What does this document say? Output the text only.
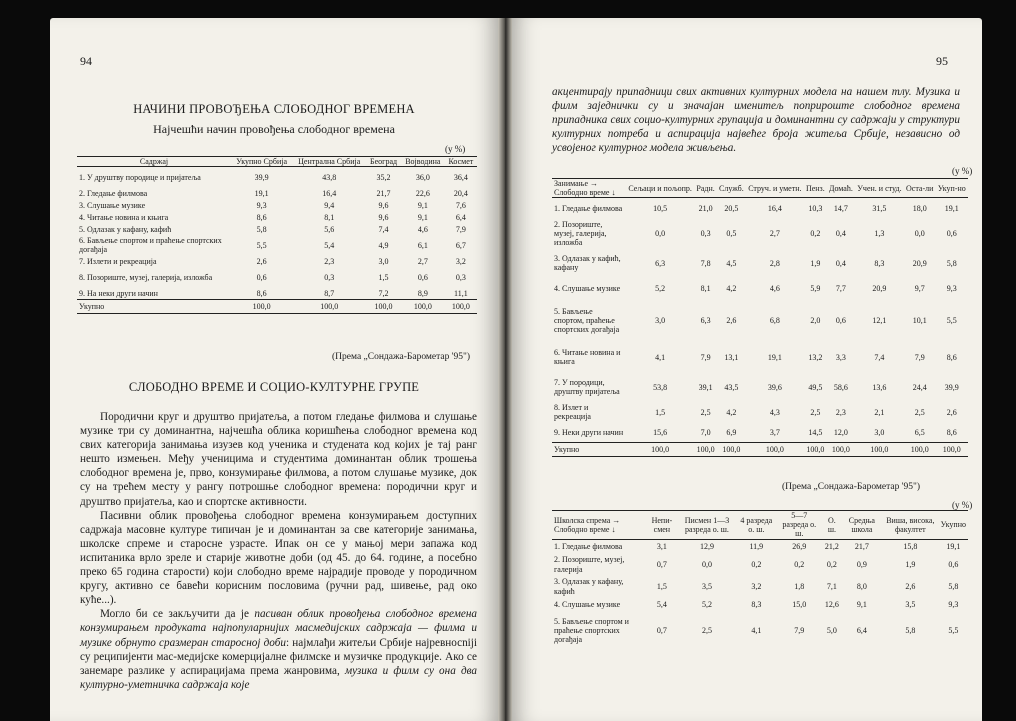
94
НАЧИНИ ПРОВОЂЕЊА СЛОБОДНОГ ВРЕМЕНА
Најчешћи начин провођења слободног времена
(у %)
Садржај	Укупно Србија	Централна Србија	Београд	Војводина	Космет
1. У друштву породице и пријатеља	39,9	43,8	35,2	36,0	36,4
2. Гледање филмова	19,1	16,4	21,7	22,6	20,4
3. Слушање музике	9,3	9,4	9,6	9,1	7,6
4. Читање новина и књига	8,6	8,1	9,6	9,1	6,4
5. Одлазак у кафану, кафић	5,8	5,6	7,4	4,6	7,9
6. Бављење спортом и праћење спортских догађаја	5,5	5,4	4,9	6,1	6,7
7. Излети и рекреација	2,6	2,3	3,0	2,7	3,2
8. Позориште, музеј, галерија, изложба	0,6	0,3	1,5	0,6	0,3
9. На неки други начин	8,6	8,7	7,2	8,9	11,1
Укупно	100,0	100,0	100,0	100,0	100,0
(Према „Сондажа-Барометар '95")
СЛОБОДНО ВРЕМЕ И СОЦИО-КУЛТУРНЕ ГРУПЕ

Породични круг и друштво пријатеља, а потом гледање филмова и слушање музике три су доминантна, најчешћа облика коришћења слободног времена код свих категорија занимања изузев код ученика и студената код којих је тај ранг нешто измењен. Међу ученицима и студентима доминантан облик трошења слободног времена је, прво, конзумирање филмова, а потом слушање музике, док су на трећем месту у рангу потрошње слободног времена: породични круг и друштво пријатеља, као и спортске активности.

Пасивни облик провођења слободног времена конзумирањем доступних садржаја масовне културе типичан је и доминантан за све категорије занимања, школске спреме и старосне узрасте. Ипак он се у мањој мери запажа код испитаника врло зреле и старије животне доби (од 45. до 64. године, а посебно преко 65 година старости) који слободно време најрадије проводе у породичном кругу, активно се бавећи корисним пословима (ручни рад, шивење, рад око куће...).

Могло би се закључити да је пасиван облик провођења слободног времена конзумирањем продуката најпопуларнијих масмедијских садржаја — филма и музике обрнуто сразмеран старосној доби: најмлађи житељи Србије најревносniji су реципијенти мас-медијске комерцијалне филмске и музичке продукције. Ако се занемаре разлике у аспирацијама према жанровима, музика и филм су она два културно-уметничка садржаја које

95
акцентирају припадници свих активних културних модела на нашем тлу. Музика и филм заједнички су и значајан именитељ поприроште слободног времена припадника свих социо-културних групација и доминантни су садржаји у структури културних потреба и аспирација највећег броја житеља Србије, независно од усвојеног културног модела живљења.
(у %)
Занимање → Слободно време ↓	Сељаци и пољопр.	Радн.	Служб.	Струч. и уметн.	Пенз.	Домаћ.	Учен. и студ.	Оста-ли	Укуп-но
1. Гледање филмова	10,5	21,0	20,5	16,4	10,3	14,7	31,5	18,0	19,1
2. Позориште, музеј, галерија, изложба	0,0	0,3	0,5	2,7	0,2	0,4	1,3	0,0	0,6
3. Одлазак у кафић, кафану	6,3	7,8	4,5	2,8	1,9	0,4	8,3	20,9	5,8
4. Слушање музике	5,2	8,1	4,2	4,6	5,9	7,7	20,9	9,7	9,3
5. Бављење спортом, праћење спортских догађаја	3,0	6,3	2,6	6,8	2,0	0,6	12,1	10,1	5,5
6. Читање новина и књига	4,1	7,9	13,1	19,1	13,2	3,3	7,4	7,9	8,6
7. У породици, друштву пријатеља	53,8	39,1	43,5	39,6	49,5	58,6	13,6	24,4	39,9
8. Излет и рекреација	1,5	2,5	4,2	4,3	2,5	2,3	2,1	2,5	2,6
9. Неки други начин	15,6	7,0	6,9	3,7	14,5	12,0	3,0	6,5	8,6
Укупно	100,0	100,0	100,0	100,0	100,0	100,0	100,0	100,0	100,0
(Према „Сондажа-Барометар '95")
(у %)
Школска спрема → Слободно време ↓	Непи-смен	Писмен 1—3 разреда о. ш.	4 разреда о. ш.	5—7 разреда о. ш.	О. ш.	Средња школа	Виша, висока, факултет	Укупно
1. Гледање филмова	3,1	12,9	11,9	26,9	21,2	21,7	15,8	19,1
2. Позориште, музеј, галерија	0,7	0,0	0,2	0,2	0,2	0,9	1,9	0,6
3. Одлазак у кафану, кафић	1,5	3,5	3,2	1,8	7,1	8,0	2,6	5,8
4. Слушање музике	5,4	5,2	8,3	15,0	12,6	9,1	3,5	9,3
5. Бављење спортом и праћење спортских догађаја	0,7	2,5	4,1	7,9	5,0	6,4	5,8	5,5
